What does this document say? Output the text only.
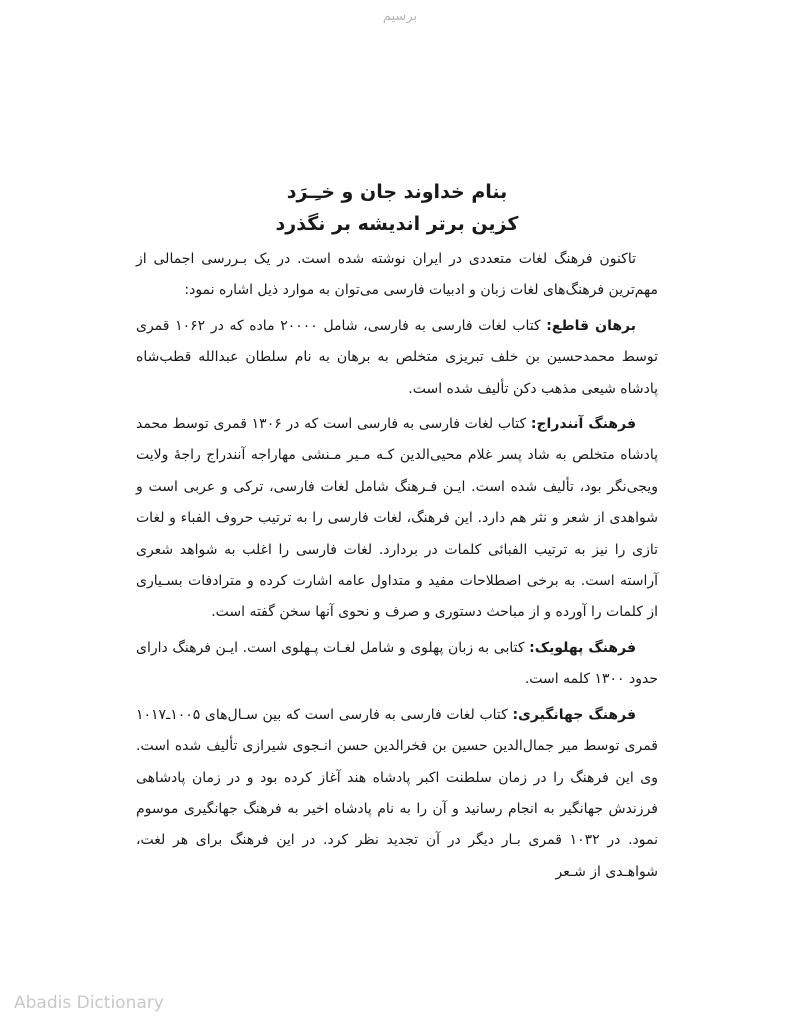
برسیم
بنام خداوند جان و خـِـرَد
کزین برتر اندیشه بر نگذرد

تاکنون فرهنگ لغات متعددی در ایران نوشته شده است. در یک بـررسی اجمالی از مهم‌ترین فرهنگ‌های لغات زبان و ادبیات فارسی می‌توان به موارد ذیل اشاره نمود:

برهان قاطع: کتاب لغات فارسی به فارسی، شامل ۲۰۰۰۰ ماده که در ۱۰۶۲ قمری توسط محمدحسین بن خلف تبریزی متخلص به برهان به نام سلطان عبدالله قطب‌شاه پادشاه شیعی مذهب دکن تألیف شده است.

فرهنگ آنندراج: کتاب لغات فارسی به فارسی است که در ۱۳۰۶ قمری توسط محمد پادشاه متخلص به شاد پسر غلام محیی‌الدین کـه مـیر مـنشی مهاراجه آنندراج راجهٔ ولایت ویجی‌نگر بود، تألیف شده است. ایـن فـرهنگ شامل لغات فارسی، ترکی و عربی است و شواهدی از شعر و نثر هم دارد. این فرهنگ، لغات فارسی را به ترتیب حروف الفباء و لغات تازی را نیز به ترتیب الفبائی کلمات در بردارد. لغات فارسی را اغلب به شواهد شعری آراسته است. به برخی اصطلاحات مفید و متداول عامه اشارت کرده و مترادفات بسـیاری از کلمات را آورده و از مباحث دستوری و صرف و نحوی آنها سخن گفته است.

فرهنگ پهلویک: کتابی به زبان پهلوی و شامل لغـات پـهلوی است. ایـن فرهنگ دارای حدود ۱۳۰۰ کلمه است.

فرهنگ جهانگیری: کتاب لغات فارسی به فارسی است که بین سـال‌های ۱۰۰۵ـ۱۰۱۷ قمری توسط میر جمال‌الدین حسین بن فخرالدین حسن انـجوی شیرازی تألیف شده است. وی این فرهنگ را در زمان سلطنت اکبر پادشاه هند آغاز کرده بود و در زمان پادشاهی فرزندش جهانگیر به انجام رسانید و آن را به نام پادشاه اخیر به فرهنگ جهانگیری موسوم نمود. در ۱۰۳۲ قمری بـار دیگر در آن تجدید نظر کرد. در این فرهنگ برای هر لغت، شواهـدی از شـعر

Abadis Dictionary
